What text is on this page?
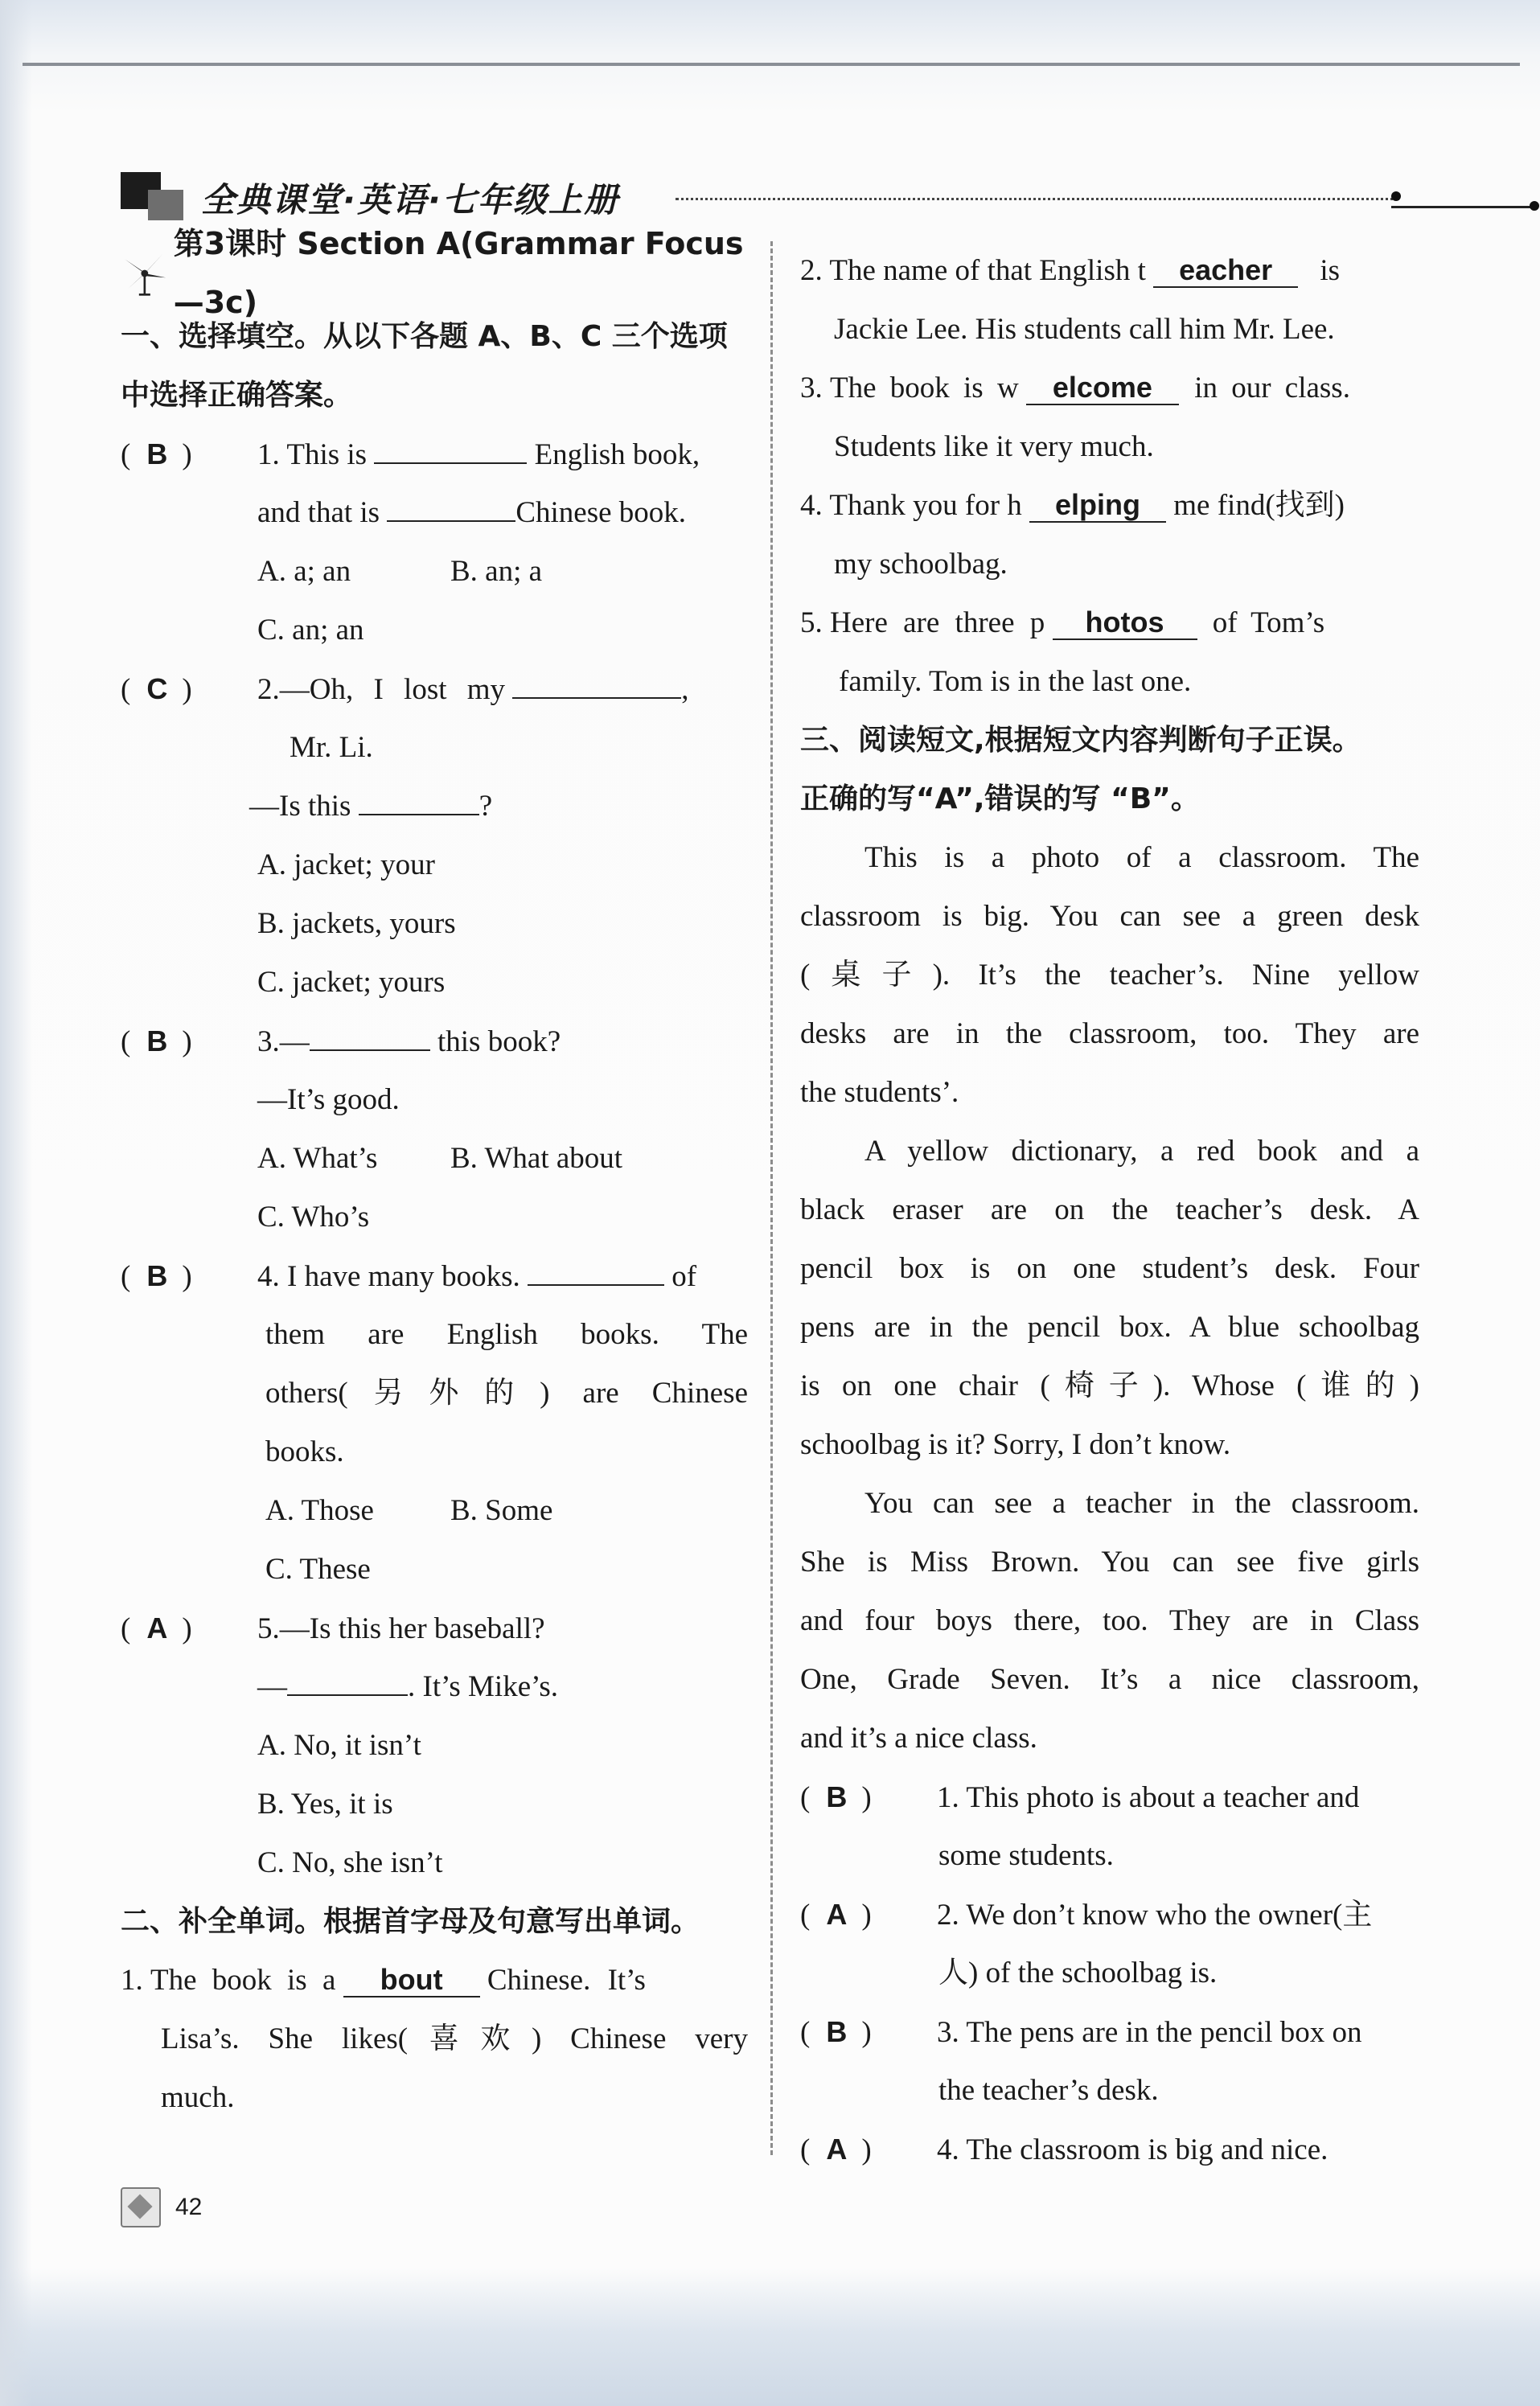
全典课堂·英语·七年级上册
第3课时 Section A(Grammar Focus—3c)
一、选择填空。从以下各题 A、B、C 三个选项
中选择正确答案。
( B ) 1. This is	English book,
and that is	Chinese book.
A. a; an	B. an; a
C. an; an
( C ) 2.—Oh, I lost my	,
Mr. Li.
—Is this	?
A. jacket; your
B. jackets, yours
C. jacket; yours
( B ) 3.—	this book?
—It’s good.
A. What’s B. What about
C. Who’s
( B ) 4. I have many books.	of
them are English books. The
others(另外的) are Chinese
books.
A. Those	B. Some
C. These
( A ) 5.—Is this her baseball?
—	. It’s Mike’s.
A. No, it isn’t
B. Yes, it is
C. No, she isn’t
二、补全单词。根据首字母及句意写出单词。
1. The book is a bout Chinese. It’s
Lisa’s. She likes(喜欢) Chinese very
much.
2. The name of that English t eacher is
Jackie Lee. His students call him Mr. Lee.
3. The book is w elcome in our class.
Students like it very much.
4. Thank you for h elping me find(找到)
my schoolbag.
5. Here are three p hotos of Tom’s
family. Tom is in the last one.
三、阅读短文,根据短文内容判断句子正误。
正确的写“A”,错误的写 “B”。
This is a photo of a classroom. The
classroom is big. You can see a green desk
(桌子). It’s the teacher’s. Nine yellow
desks are in the classroom, too. They are
the students’.
A yellow dictionary, a red book and a
black eraser are on the teacher’s desk. A
pencil box is on one student’s desk. Four
pens are in the pencil box. A blue schoolbag
is on one chair (椅子). Whose (谁的)
schoolbag is it? Sorry, I don’t know.
You can see a teacher in the classroom.
She is Miss Brown. You can see five girls
and four boys there, too. They are in Class
One, Grade Seven. It’s a nice classroom,
and it’s a nice class.
( B ) 1. This photo is about a teacher and
some students.
( A ) 2. We don’t know who the owner(主
人) of the schoolbag is.
( B ) 3. The pens are in the pencil box on
the teacher’s desk.
( A ) 4. The classroom is big and nice.
42
